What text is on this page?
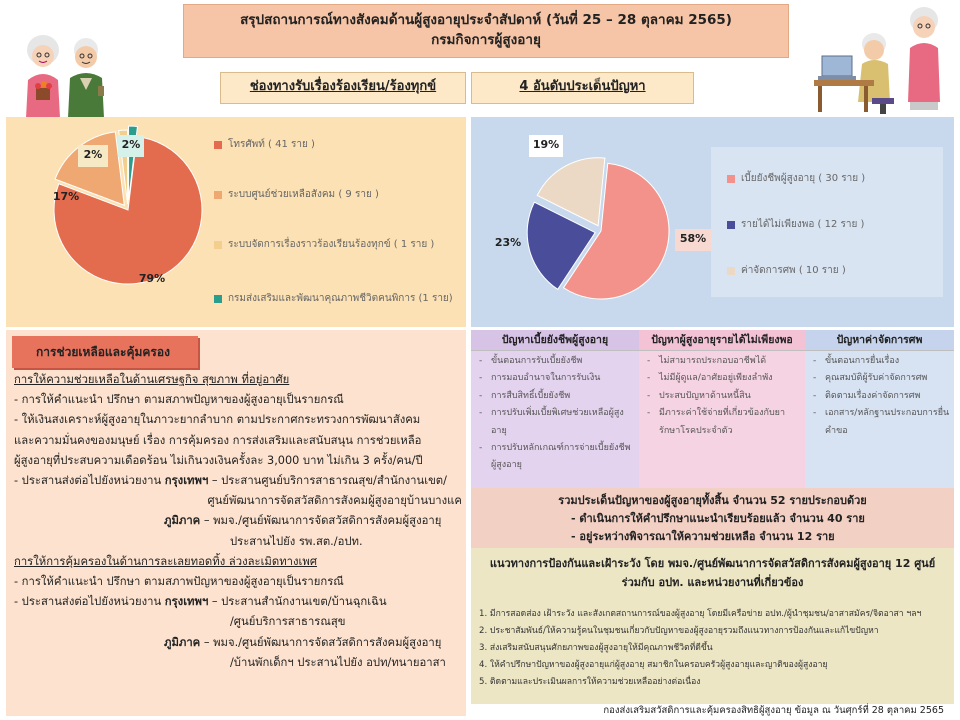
สรุปสถานการณ์ทางสังคมด้านผู้สูงอายุประจำสัปดาห์ (วันที่ 25 – 28 ตุลาคม 2565)
กรมกิจการผู้สูงอายุ
ช่องทางรับเรื่องร้องเรียน/ร้องทุกข์	4 อันดับประเด็นปัญหา
79%
17%
2%
2%	โทรศัพท์ ( 41 ราย )
ระบบศูนย์ช่วยเหลือสังคม ( 9 ราย )
ระบบจัดการเรื่องราวร้องเรียนร้องทุกข์ ( 1 ราย )
กรมส่งเสริมและพัฒนาคุณภาพชีวิตคนพิการ (1 ราย)
58%
23%
19%
เบี้ยยังชีพผู้สูงอายุ ( 30 ราย )
รายได้ไม่เพียงพอ ( 12 ราย )
ค่าจัดการศพ ( 10 ราย )
การช่วยเหลือและคุ้มครอง
การให้ความช่วยเหลือในด้านเศรษฐกิจ สุขภาพ ที่อยู่อาศัย
- การให้คำแนะนำ ปรึกษา ตามสภาพปัญหาของผู้สูงอายุเป็นรายกรณี
- ให้เงินสงเคราะห์ผู้สูงอายุในภาวะยากลำบาก ตามประกาศกระทรวงการพัฒนาสังคม
และความมั่นคงของมนุษย์ เรื่อง การคุ้มครอง การส่งเสริมและสนับสนุน การช่วยเหลือ
ผู้สูงอายุที่ประสบความเดือดร้อน ไม่เกินวงเงินครั้งละ 3,000 บาท ไม่เกิน 3 ครั้ง/คน/ปี
- ประสานส่งต่อไปยังหน่วยงาน กรุงเทพฯ – ประสานศูนย์บริการสาธารณสุข/สำนักงานเขต/
ศูนย์พัฒนาการจัดสวัสดิการสังคมผู้สูงอายุบ้านบางแค
ภูมิภาค – พมจ./ศูนย์พัฒนาการจัดสวัสดิการสังคมผู้สูงอายุ
ประสานไปยัง รพ.สต./อปท.
การให้การคุ้มครองในด้านการละเลยทอดทิ้ง ล่วงละเมิดทางเพศ
- การให้คำแนะนำ ปรึกษา ตามสภาพปัญหาของผู้สูงอายุเป็นรายกรณี
- ประสานส่งต่อไปยังหน่วยงาน กรุงเทพฯ – ประสานสำนักงานเขต/บ้านฉุกเฉิน
/ศูนย์บริการสาธารณสุข
ภูมิภาค – พมจ./ศูนย์พัฒนาการจัดสวัสดิการสังคมผู้สูงอายุ
/บ้านพักเด็กฯ ประสานไปยัง อปท/ทนายอาสา
ปัญหาเบี้ยยังชีพผู้สูงอายุ
- ขั้นตอนการรับเบี้ยยังชีพ
- การมอบอำนาจในการรับเงิน
- การสืบสิทธิ์เบี้ยยังชีพ
- การปรับเพิ่มเบี้ยพิเศษช่วยเหลือผู้สูงอายุ
- การปรับหลักเกณฑ์การจ่ายเบี้ยยังชีพผู้สูงอายุ
ปัญหาผู้สูงอายุรายได้ไม่เพียงพอ
- ไม่สามารถประกอบอาชีพได้
- ไม่มีผู้ดูแล/อาศัยอยู่เพียงลำพัง
- ประสบปัญหาด้านหนี้สิน
- มีภาระค่าใช้จ่ายที่เกี่ยวข้องกับยารักษาโรคประจำตัว
ปัญหาค่าจัดการศพ
- ขั้นตอนการยื่นเรื่อง
- คุณสมบัติผู้รับค่าจัดการศพ
- ติดตามเรื่องค่าจัดการศพ
- เอกสาร/หลักฐานประกอบการยื่นคำขอ
รวมประเด็นปัญหาของผู้สูงอายุทั้งสิ้น จำนวน 52 รายประกอบด้วย
- ดำเนินการให้คำปรึกษาแนะนำเรียบร้อยแล้ว จำนวน 40 ราย
- อยู่ระหว่างพิจารณาให้ความช่วยเหลือ จำนวน 12 ราย
แนวทางการป้องกันและเฝ้าระวัง โดย พมจ./ศูนย์พัฒนาการจัดสวัสดิการสังคมผู้สูงอายุ 12 ศูนย์
ร่วมกับ อปท. และหน่วยงานที่เกี่ยวข้อง
1. มีการสอดส่อง เฝ้าระวัง และสังเกตสถานการณ์ของผู้สูงอายุ โดยมีเครือข่าย อปท./ผู้นำชุมชน/อาสาสมัคร/จิตอาสา ฯลฯ
2. ประชาสัมพันธ์/ให้ความรู้คนในชุมชนเกี่ยวกับปัญหาของผู้สูงอายุรวมถึงแนวทางการป้องกันและแก้ไขปัญหา
3. ส่งเสริมสนับสนุนศักยภาพของผู้สูงอายุให้มีคุณภาพชีวิตที่ดีขึ้น
4. ให้คำปรึกษาปัญหาของผู้สูงอายุแก่ผู้สูงอายุ สมาชิกในครอบครัวผู้สูงอายุและญาติของผู้สูงอายุ
5. ติดตามและประเมินผลการให้ความช่วยเหลืออย่างต่อเนื่อง
กองส่งเสริมสวัสดิการและคุ้มครองสิทธิผู้สูงอายุ ข้อมูล ณ วันศุกร์ที่ 28 ตุลาคม 2565
